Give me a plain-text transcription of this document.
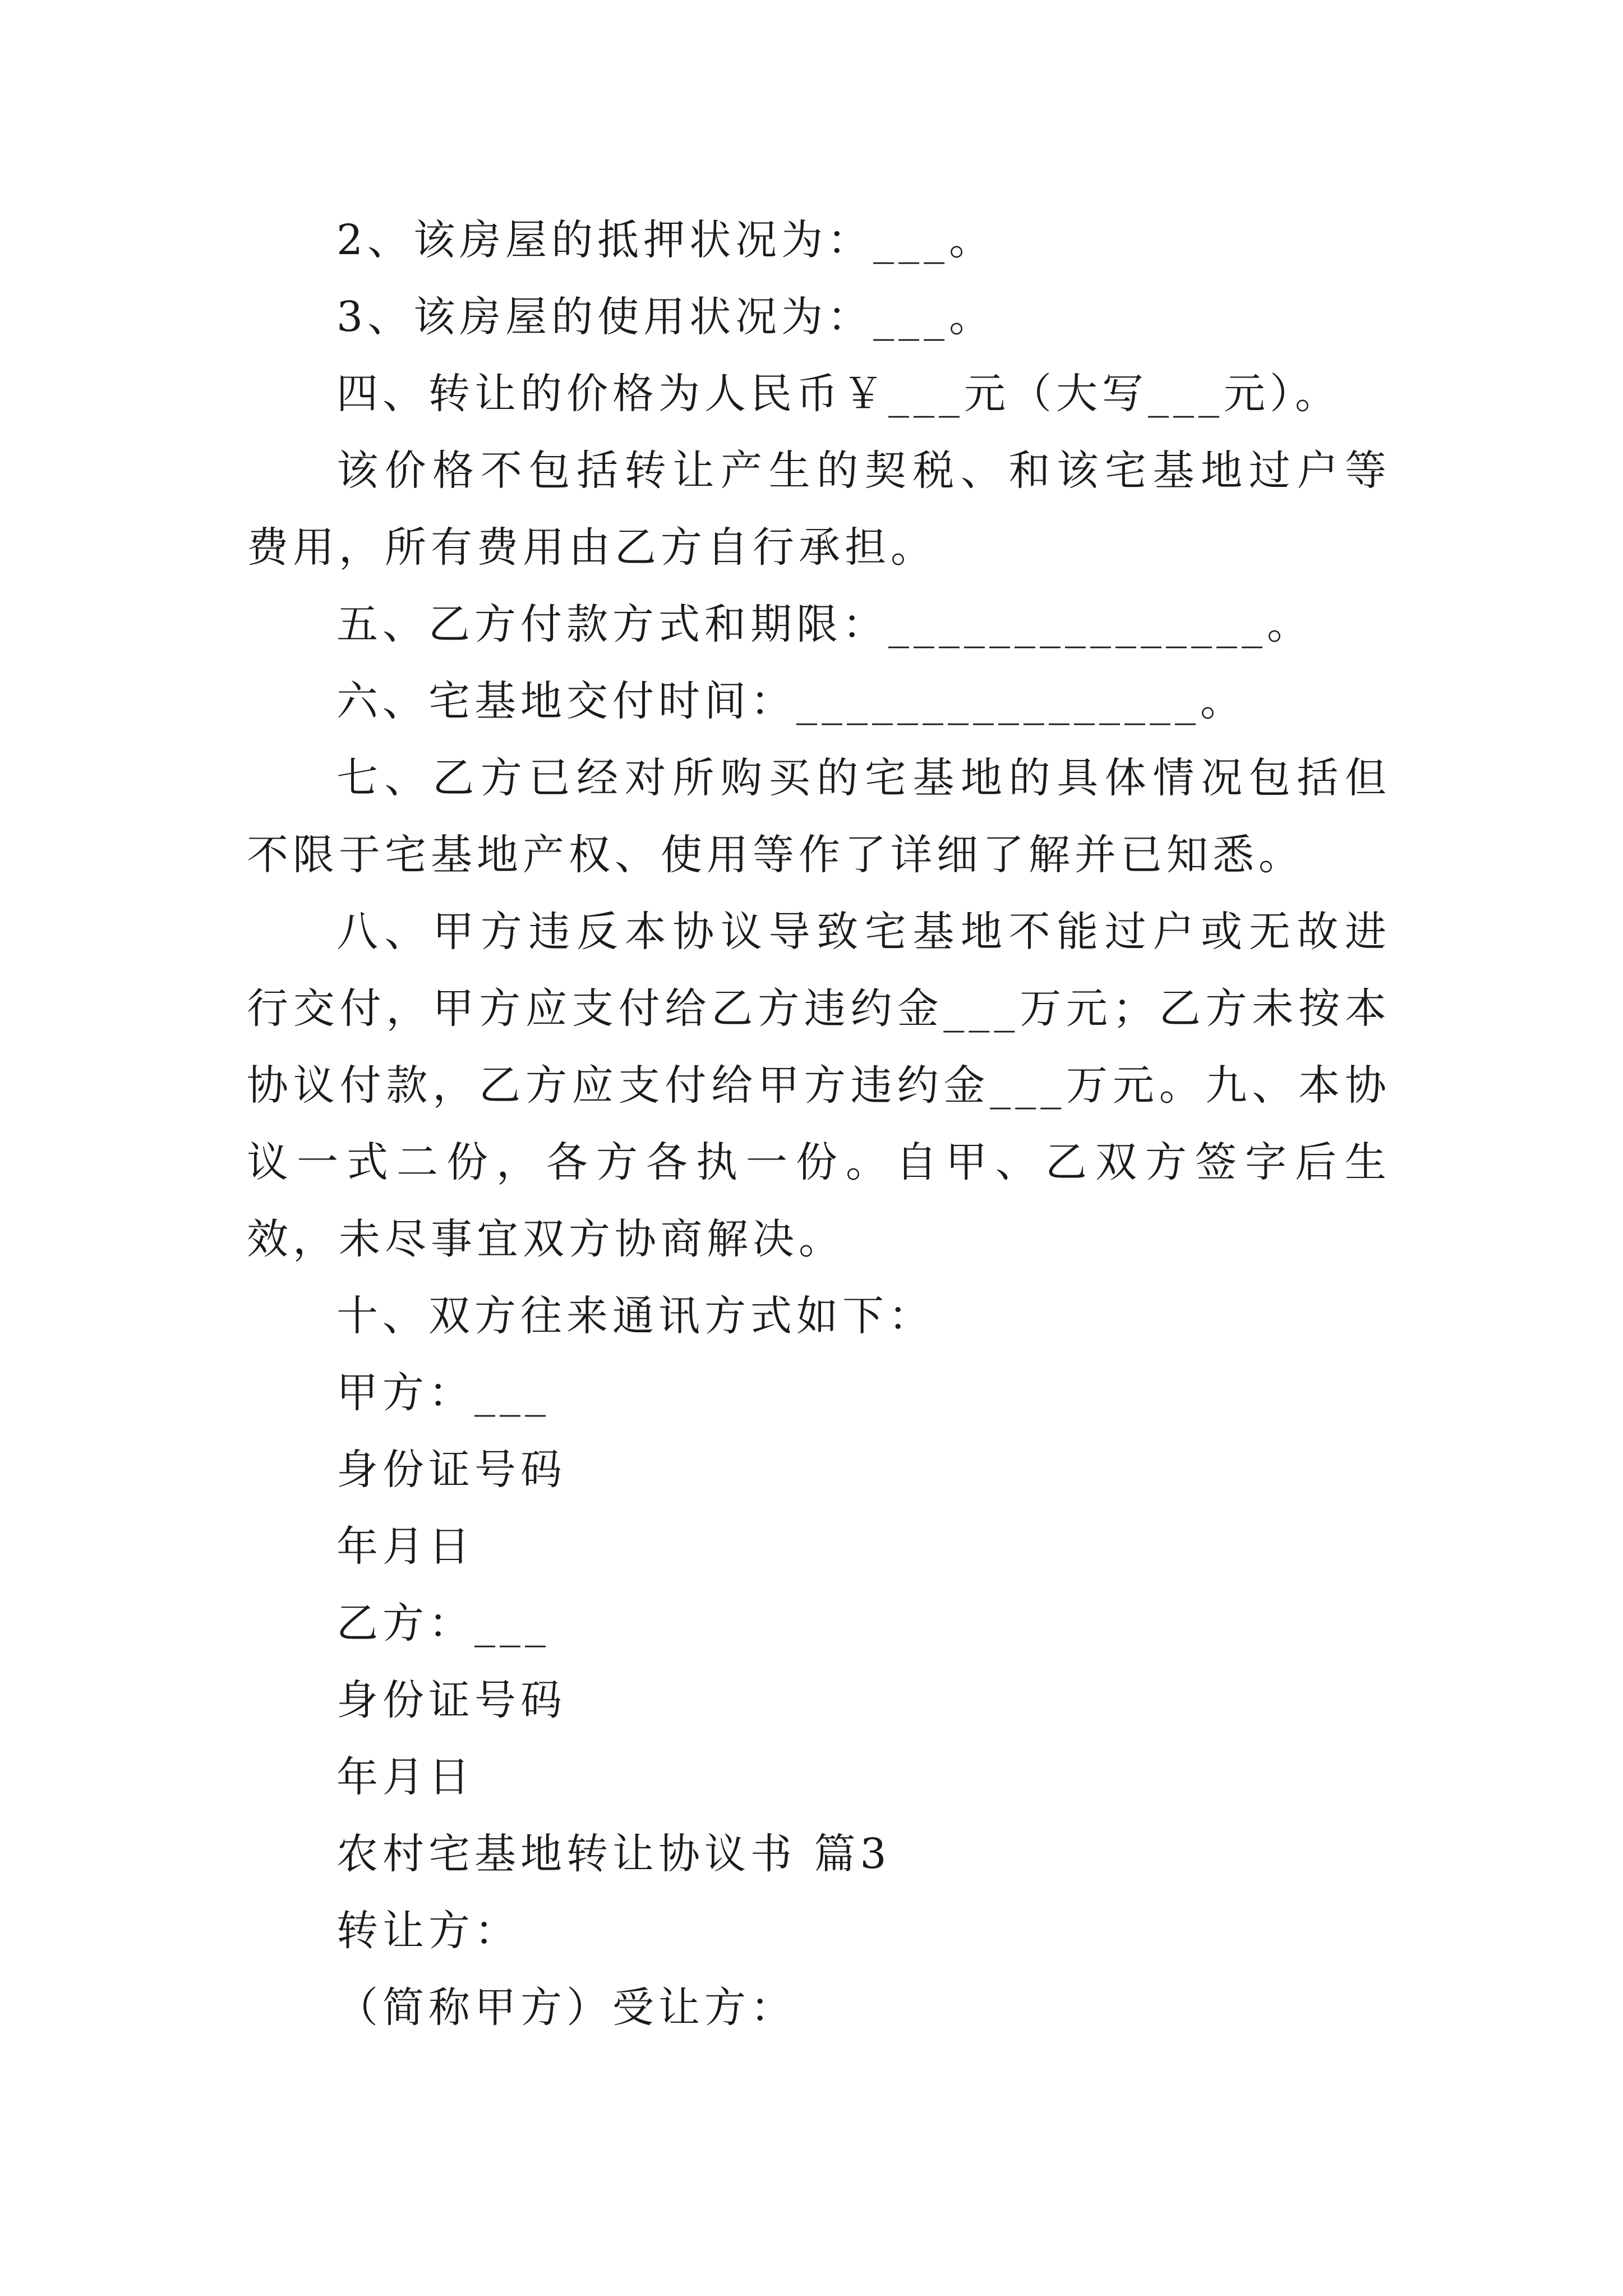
2、该房屋的抵押状况为：___。

3、该房屋的使用状况为：___。

四、转让的价格为人民币￥___元（大写___元）。

该价格不包括转让产生的契税、和该宅基地过户等费用，所有费用由乙方自行承担。

五、乙方付款方式和期限：_______________。

六、宅基地交付时间：________________。

七、乙方已经对所购买的宅基地的具体情况包括但不限于宅基地产权、使用等作了详细了解并已知悉。

八、甲方违反本协议导致宅基地不能过户或无故进行交付，甲方应支付给乙方违约金___万元；乙方未按本协议付款，乙方应支付给甲方违约金___万元。九、本协议一式二份，各方各执一份。自甲、乙双方签字后生效，未尽事宜双方协商解决。

十、双方往来通讯方式如下：

甲方：___

身份证号码

年月日

乙方：___

身份证号码

年月日

农村宅基地转让协议书 篇3

转让方：

（简称甲方）受让方：
